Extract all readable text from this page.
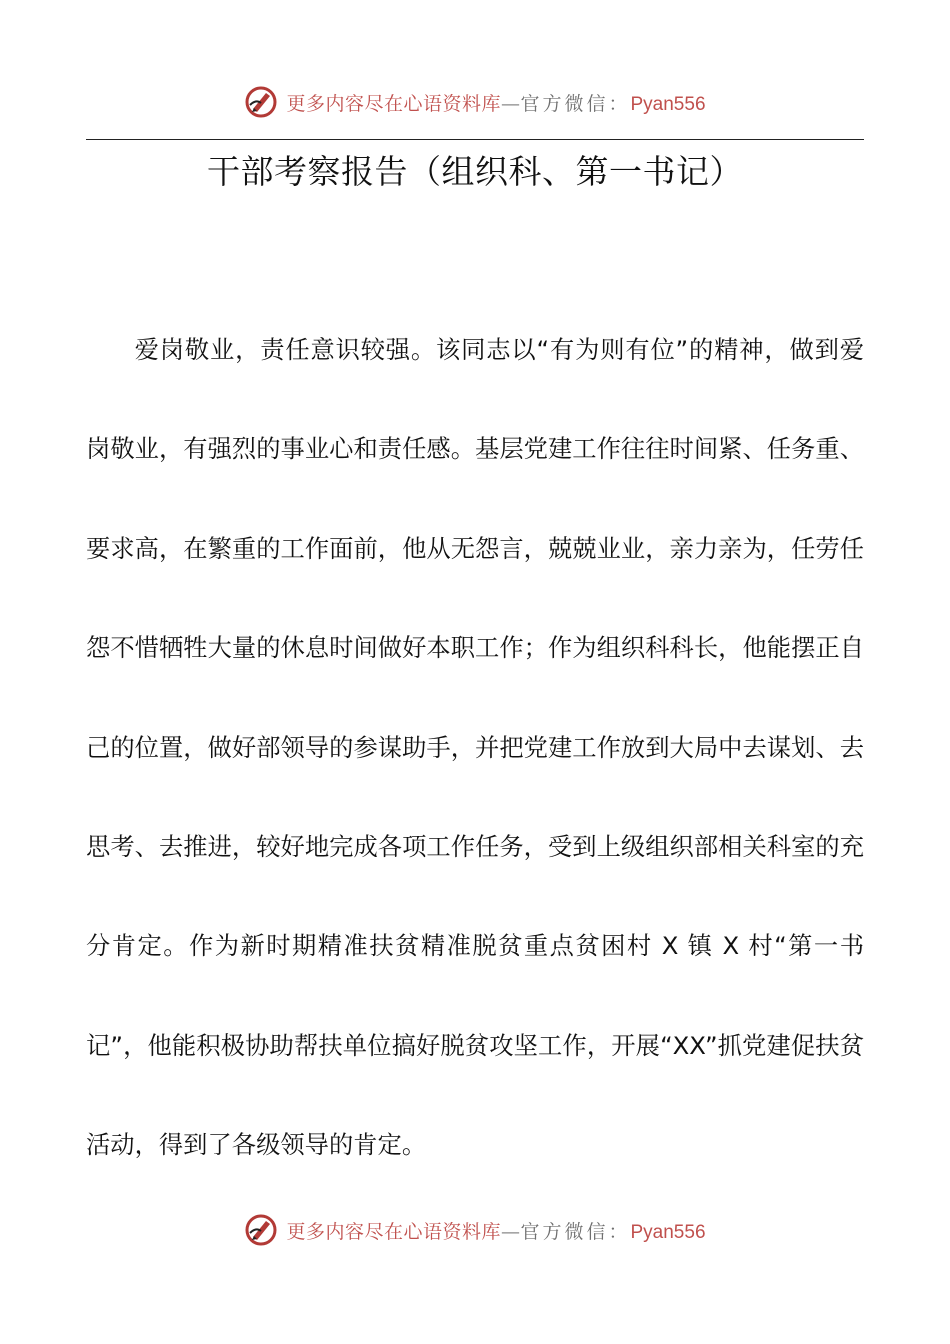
更多内容尽在心语资料库—官方微信：Pyan556
干部考察报告（组织科、第一书记）

爱岗敬业，责任意识较强。该同志以“有为则有位”的精神，做到爱岗敬业，有强烈的事业心和责任感。基层党建工作往往时间紧、任务重、要求高，在繁重的工作面前，他从无怨言，兢兢业业，亲力亲为，任劳任怨不惜牺牲大量的休息时间做好本职工作；作为组织科科长，他能摆正自己的位置，做好部领导的参谋助手，并把党建工作放到大局中去谋划、去思考、去推进，较好地完成各项工作任务，受到上级组织部相关科室的充分肯定。作为新时期精准扶贫精准脱贫重点贫困村 X 镇 X 村“第一书记”，他能积极协助帮扶单位搞好脱贫攻坚工作，开展“XX”抓党建促扶贫活动，得到了各级领导的肯定。

更多内容尽在心语资料库—官方微信：Pyan556
